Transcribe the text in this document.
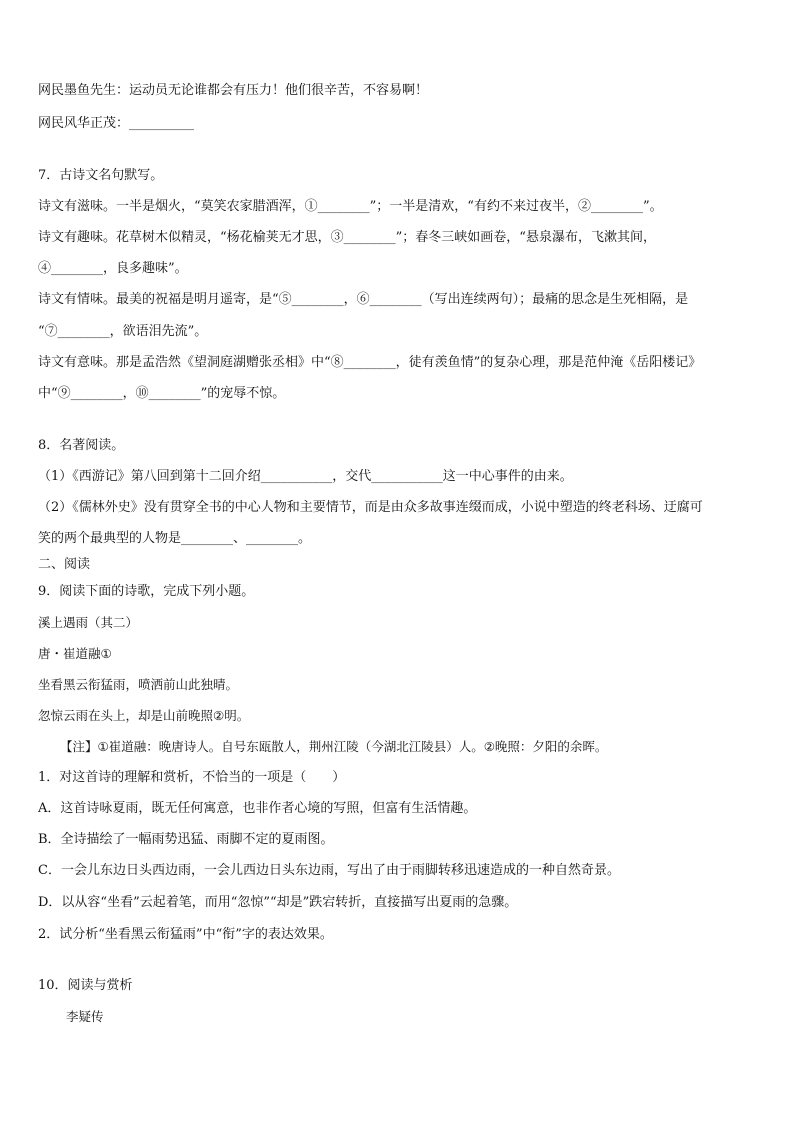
网民墨鱼先生：运动员无论谁都会有压力！他们很辛苦，不容易啊！
网民风华正茂：__________
7．古诗文名句默写。
诗文有滋味。一半是烟火，“莫笑农家腊酒浑，①________”；一半是清欢，“有约不来过夜半，②________”。
诗文有趣味。花草树木似精灵，“杨花榆荚无才思，③________”；春冬三峡如画卷，“悬泉瀑布，飞漱其间，
④________，良多趣味”。
诗文有情味。最美的祝福是明月遥寄，是“⑤________，⑥________（写出连续两句）；最痛的思念是生死相隔，是
“⑦________，欲语泪先流”。
诗文有意味。那是孟浩然《望洞庭湖赠张丞相》中“⑧________，徒有羡鱼情”的复杂心理，那是范仲淹《岳阳楼记》
中“⑨________，⑩________”的宠辱不惊。
8．名著阅读。
（1）《西游记》第八回到第十二回介绍___________，交代___________这一中心事件的由来。
（2）《儒林外史》没有贯穿全书的中心人物和主要情节，而是由众多故事连缀而成，小说中塑造的终老科场、迂腐可
笑的两个最典型的人物是________、________。
二、阅读
9．阅读下面的诗歌，完成下列小题。
溪上遇雨（其二）
唐・崔道融①
坐看黑云衔猛雨，喷洒前山此独晴。
忽惊云雨在头上，却是山前晚照②明。
【注】①崔道融：晚唐诗人。自号东瓯散人，荆州江陵（今湖北江陵县）人。②晚照：夕阳的余晖。
1．对这首诗的理解和赏析，不恰当的一项是（　　）
A．这首诗咏夏雨，既无任何寓意，也非作者心境的写照，但富有生活情趣。
B．全诗描绘了一幅雨势迅猛、雨脚不定的夏雨图。
C．一会儿东边日头西边雨，一会儿西边日头东边雨，写出了由于雨脚转移迅速造成的一种自然奇景。
D．以从容“坐看”云起着笔，而用“忽惊”“却是”跌宕转折，直接描写出夏雨的急骤。
2．试分析“坐看黑云衔猛雨”中“衔”字的表达效果。
10．阅读与赏析
李疑传
